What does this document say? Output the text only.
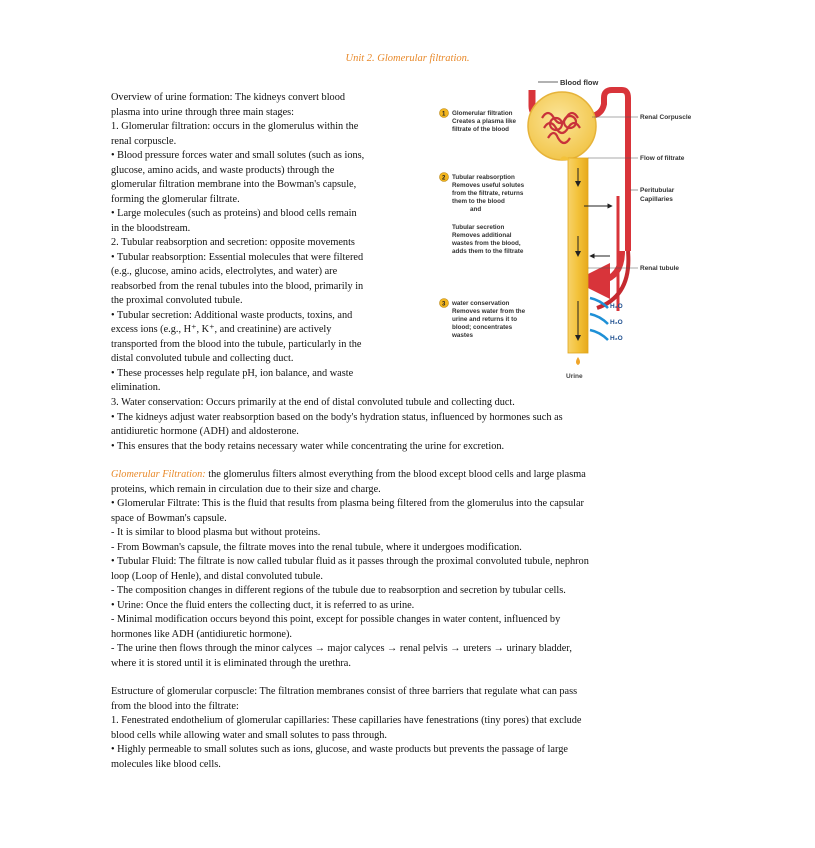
Unit 2. Glomerular filtration.
Overview of urine formation: The kidneys convert blood
plasma into urine through three main stages:
1. Glomerular filtration: occurs in the glomerulus within the
renal corpuscle.
• Blood pressure forces water and small solutes (such as ions,
glucose, amino acids, and waste products) through the
glomerular filtration membrane into the Bowman's capsule,
forming the glomerular filtrate.
• Large molecules (such as proteins) and blood cells remain
in the bloodstream.
2. Tubular reabsorption and secretion: opposite movements
• Tubular reabsorption: Essential molecules that were filtered
(e.g., glucose, amino acids, electrolytes, and water) are
reabsorbed from the renal tubules into the blood, primarily in
the proximal convoluted tubule.
• Tubular secretion: Additional waste products, toxins, and
excess ions (e.g., H⁺, K⁺, and creatinine) are actively
transported from the blood into the tubule, particularly in the
distal convoluted tubule and collecting duct.
• These processes help regulate pH, ion balance, and waste
elimination.
Blood flow
H₂O
H₂O
H₂O
Urine
Renal Corpuscle
Flow of filtrate
Peritubular
Capillaries
Renal tubule
1 Glomerular filtration
Creates a plasma like
filtrate of the blood
2 Tubular reabsorption
Removes useful solutes
from the filtrate, returns
them to the blood
and
Tubular secretion
Removes additional
wastes from the blood,
adds them to the filtrate
3 water conservation
Removes water from the
urine and returns it to
blood; concentrates
wastes
3. Water conservation: Occurs primarily at the end of distal convoluted tubule and collecting duct.
• The kidneys adjust water reabsorption based on the body's hydration status, influenced by hormones such as
antidiuretic hormone (ADH) and aldosterone.
• This ensures that the body retains necessary water while concentrating the urine for excretion.
Glomerular Filtration: the glomerulus filters almost everything from the blood except blood cells and large plasma
proteins, which remain in circulation due to their size and charge.
• Glomerular Filtrate: This is the fluid that results from plasma being filtered from the glomerulus into the capsular
space of Bowman's capsule.
- It is similar to blood plasma but without proteins.
- From Bowman's capsule, the filtrate moves into the renal tubule, where it undergoes modification.
• Tubular Fluid: The filtrate is now called tubular fluid as it passes through the proximal convoluted tubule, nephron
loop (Loop of Henle), and distal convoluted tubule.
- The composition changes in different regions of the tubule due to reabsorption and secretion by tubular cells.
• Urine: Once the fluid enters the collecting duct, it is referred to as urine.
- Minimal modification occurs beyond this point, except for possible changes in water content, influenced by
hormones like ADH (antidiuretic hormone).
- The urine then flows through the minor calyces → major calyces → renal pelvis → ureters → urinary bladder,
where it is stored until it is eliminated through the urethra.
Estructure of glomerular corpuscle: The filtration membranes consist of three barriers that regulate what can pass
from the blood into the filtrate:
1. Fenestrated endothelium of glomerular capillaries: These capillaries have fenestrations (tiny pores) that exclude
blood cells while allowing water and small solutes to pass through.
• Highly permeable to small solutes such as ions, glucose, and waste products but prevents the passage of large
molecules like blood cells.
